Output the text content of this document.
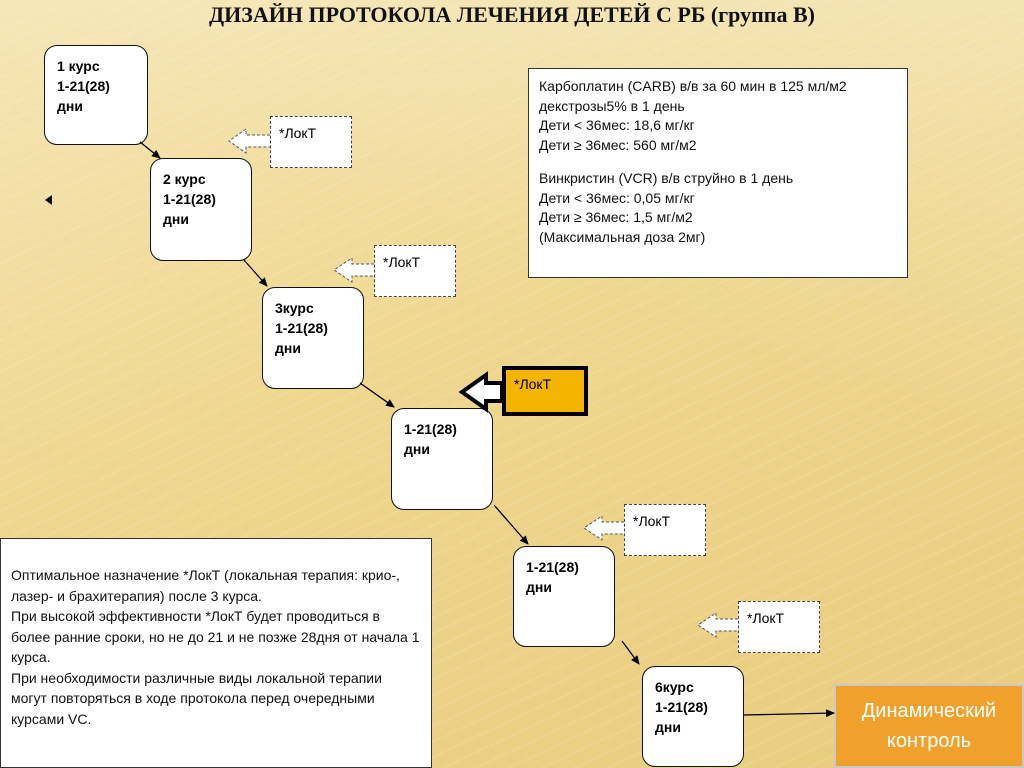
ДИЗАЙН ПРОТОКОЛА ЛЕЧЕНИЯ ДЕТЕЙ С РБ (группа В)
1 курс
1-21(28)
дни
2 курс
1-21(28)
дни
3курс
1-21(28)
дни
1-21(28)
дни
1-21(28)
дни
6курс
1-21(28)
дни
*ЛокТ
*ЛокТ
*ЛокТ
*ЛокТ
*ЛокТ

Карбоплатин (CARB) в/в за 60 мин в 125 мл/м2 декстрозы5% в 1 день

Дети < 36мес: 18,6 мг/кг

Дети ≥ 36мес: 560 мг/м2

Винкристин (VCR) в/в струйно в 1 день

Дети < 36мес: 0,05 мг/кг

Дети ≥ 36мес: 1,5 мг/м2

(Максимальная доза 2мг)

Оптимальное назначение *ЛокТ (локальная терапия: крио-, лазер- и брахитерапия) после 3 курса.

При высокой эффективности *ЛокТ будет проводиться в более ранние сроки, но не до 21 и не позже 28дня от начала 1 курса.

При необходимости различные виды локальной терапии могут повторяться в ходе протокола перед очередными курсами VC.	Динамический контроль
